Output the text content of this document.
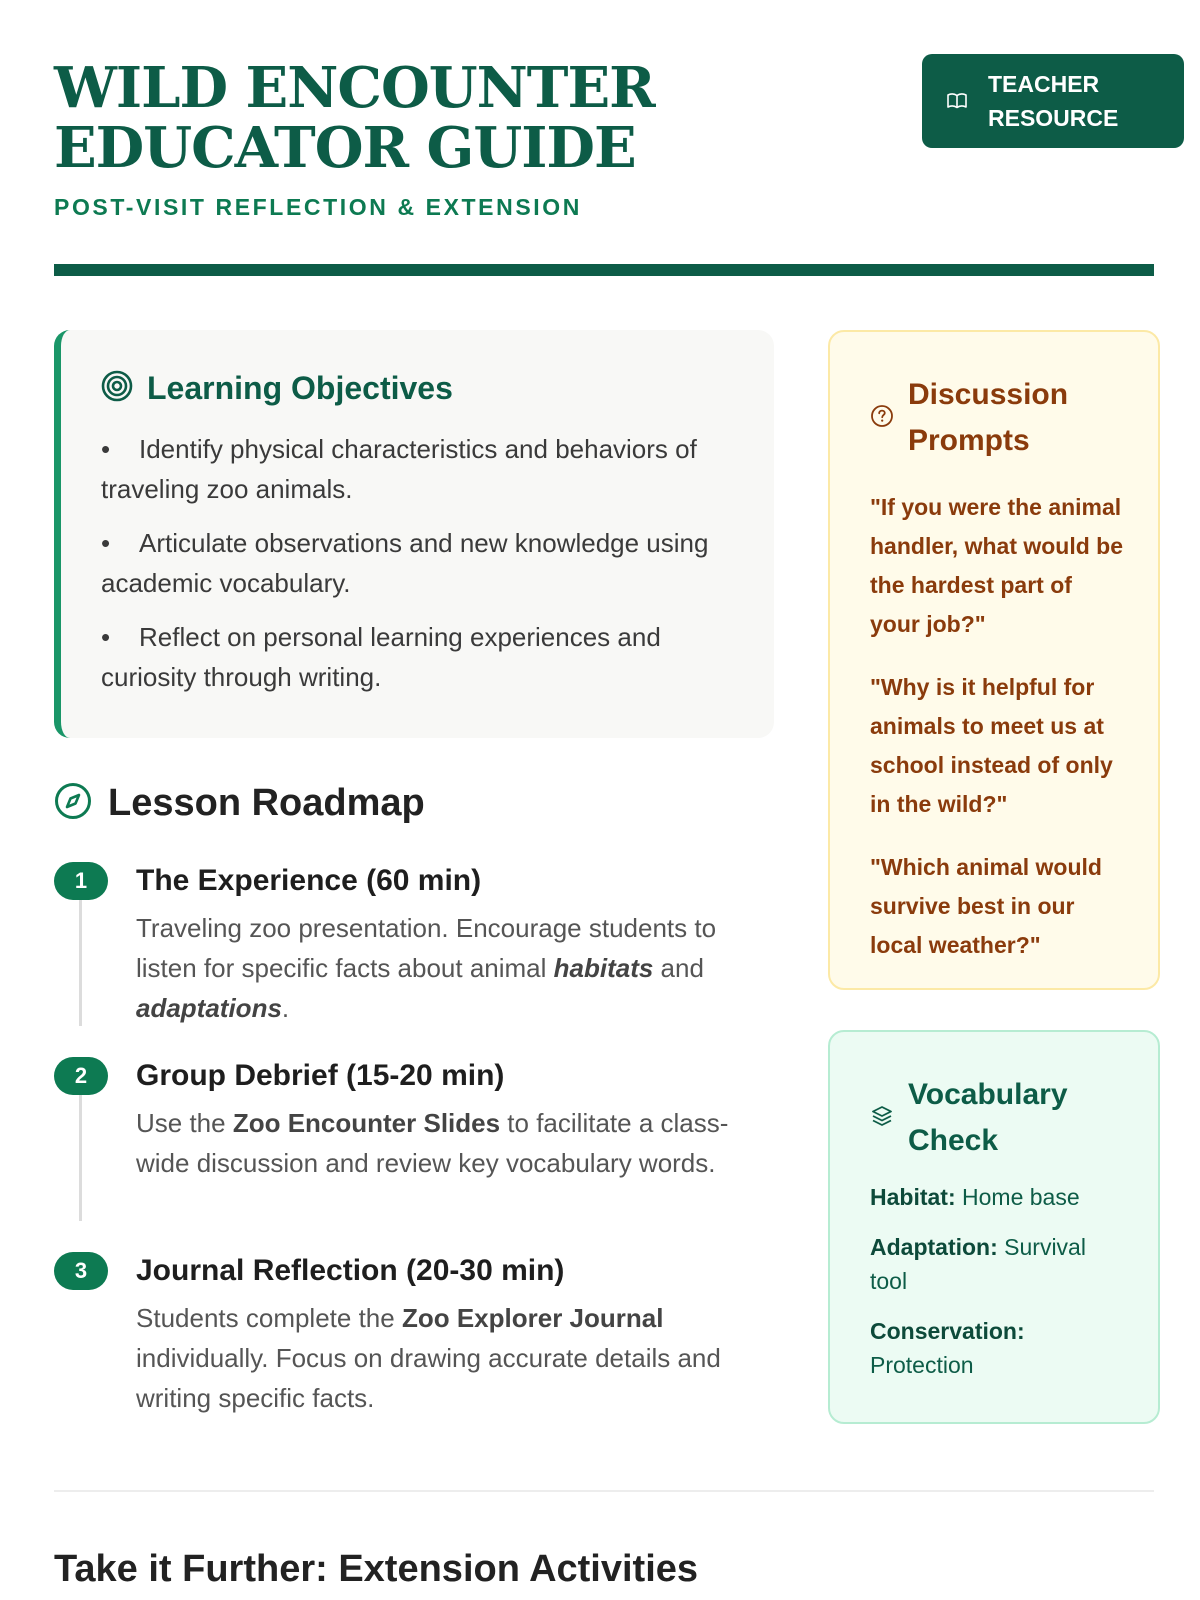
WILD ENCOUNTER
EDUCATOR GUIDE
POST-VISIT REFLECTION & EXTENSION
TEACHER
RESOURCE
Learning Objectives
• Identify physical characteristics and behaviors of traveling zoo animals.
• Articulate observations and new knowledge using academic vocabulary.
• Reflect on personal learning experiences and curiosity through writing.
Lesson Roadmap
1	The Experience (60 min)
Traveling zoo presentation. Encourage students to listen for specific facts about animal habitats and adaptations.
2	Group Debrief (15-20 min)
Use the Zoo Encounter Slides to facilitate a class-wide discussion and review key vocabulary words.
3	Journal Reflection (20-30 min)
Students complete the Zoo Explorer Journal individually. Focus on drawing accurate details and writing specific facts.
Discussion Prompts

"If you were the animal handler, what would be the hardest part of your job?"

"Why is it helpful for animals to meet us at school instead of only in the wild?"

"Which animal would survive best in our local weather?"

Vocabulary Check
Habitat: Home base
Adaptation: Survival tool
Conservation: Protection
Take it Further: Extension Activities
